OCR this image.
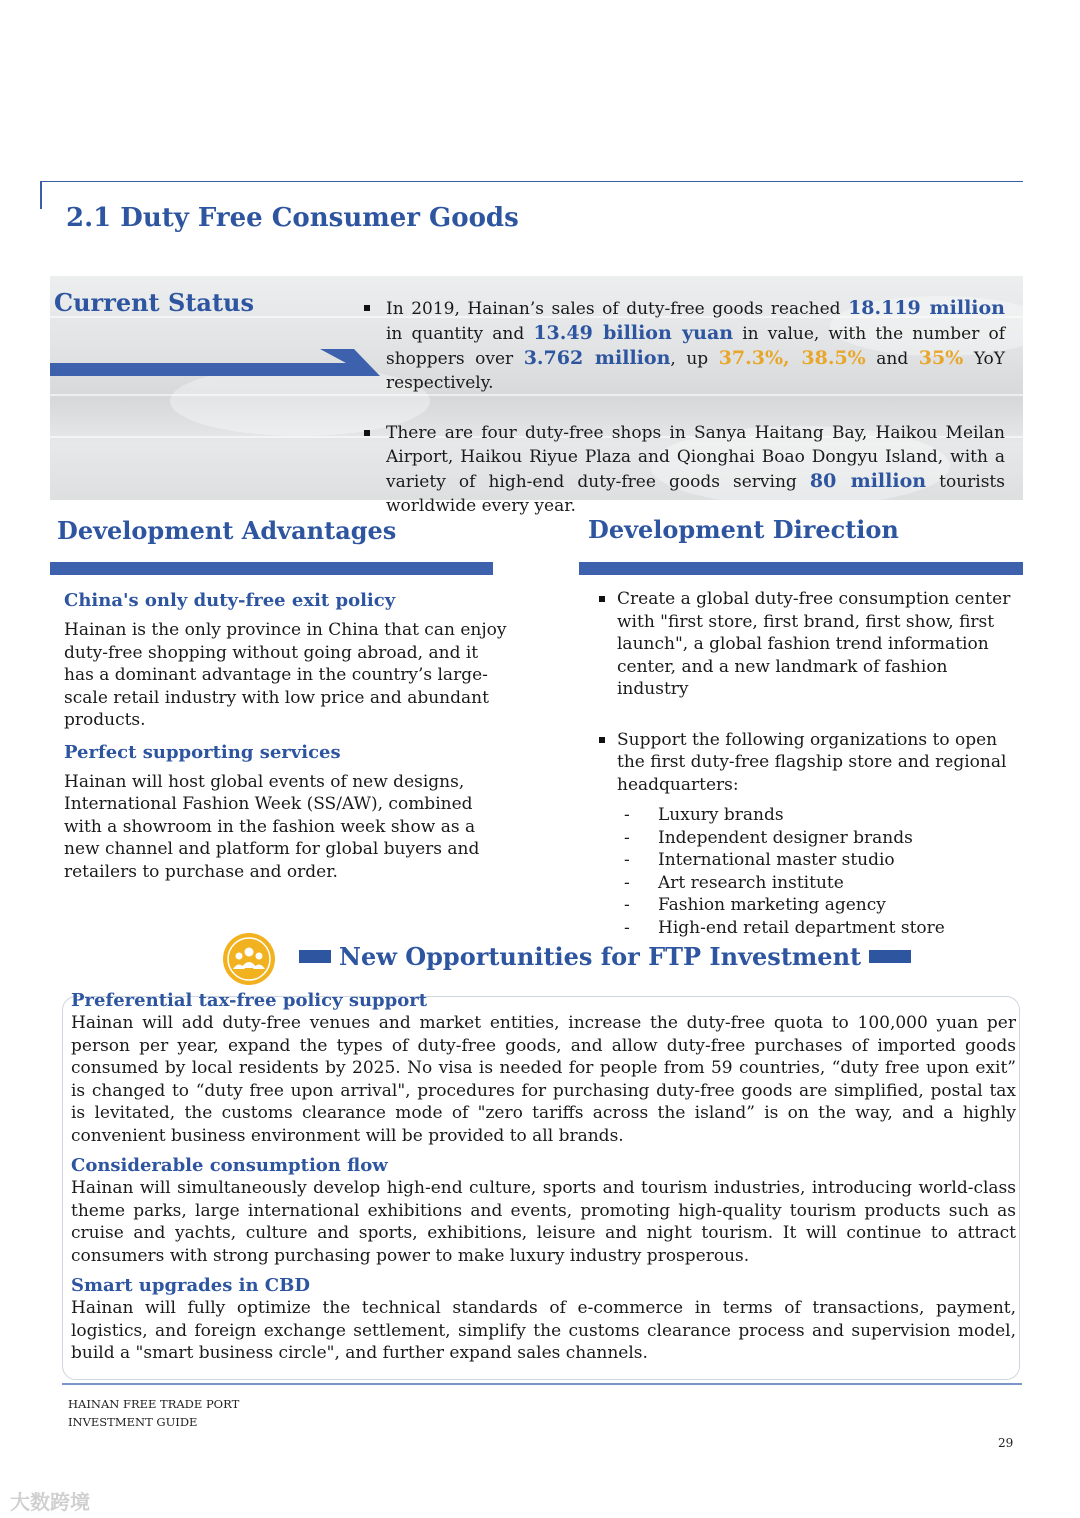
2.1 Duty Free Consumer Goods
Current Status	In 2019, Hainan’s sales of duty-free goods reached 18.119 million in quantity and 13.49 billion yuan in value, with the number of shoppers over 3.762 million, up 37.3%, 38.5% and 35% YoY respectively.
There are four duty-free shops in Sanya Haitang Bay, Haikou Meilan Airport, Haikou Riyue Plaza and Qionghai Boao Dongyu Island, with a variety of high-end duty-free goods serving 80 million tourists worldwide every year.
Development Advantages
China's only duty-free exit policy

Hainan is the only province in China that can enjoy duty-free shopping without going abroad, and it has a dominant advantage in the country’s large-scale retail industry with low price and abundant products.

Perfect supporting services

Hainan will host global events of new designs, International Fashion Week (SS/AW), combined with a showroom in the fashion week show as a new channel and platform for global buyers and retailers to purchase and order.

Development Direction
Create a global duty-free consumption center with "first store, first brand, first show, first launch", a global fashion trend information center, and a new landmark of fashion industry
Support the following organizations to open the first duty-free flagship store and regional headquarters:
- Luxury brands
- Independent designer brands
- International master studio
- Art research institute
- Fashion marketing agency
- High-end retail department store
New Opportunities for FTP Investment
Preferential tax-free policy support

Hainan will add duty-free venues and market entities, increase the duty-free quota to 100,000 yuan per person per year, expand the types of duty-free goods, and allow duty-free purchases of imported goods consumed by local residents by 2025. No visa is needed for people from 59 countries, “duty free upon exit” is changed to “duty free upon arrival", procedures for purchasing duty-free goods are simplified, postal tax is levitated, the customs clearance mode of "zero tariffs across the island” is on the way, and a highly convenient business environment will be provided to all brands.

Considerable consumption flow

Hainan will simultaneously develop high-end culture, sports and tourism industries, introducing world-class theme parks, large international exhibitions and events, promoting high-quality tourism products such as cruise and yachts, culture and sports, exhibitions, leisure and night tourism. It will continue to attract consumers with strong purchasing power to make luxury industry prosperous.

Smart upgrades in CBD

Hainan will fully optimize the technical standards of e-commerce in terms of transactions, payment, logistics, and foreign exchange settlement, simplify the customs clearance process and supervision model, build a "smart business circle", and further expand sales channels.

HAINAN FREE TRADE PORT
INVESTMENT GUIDE

29
大数跨境
